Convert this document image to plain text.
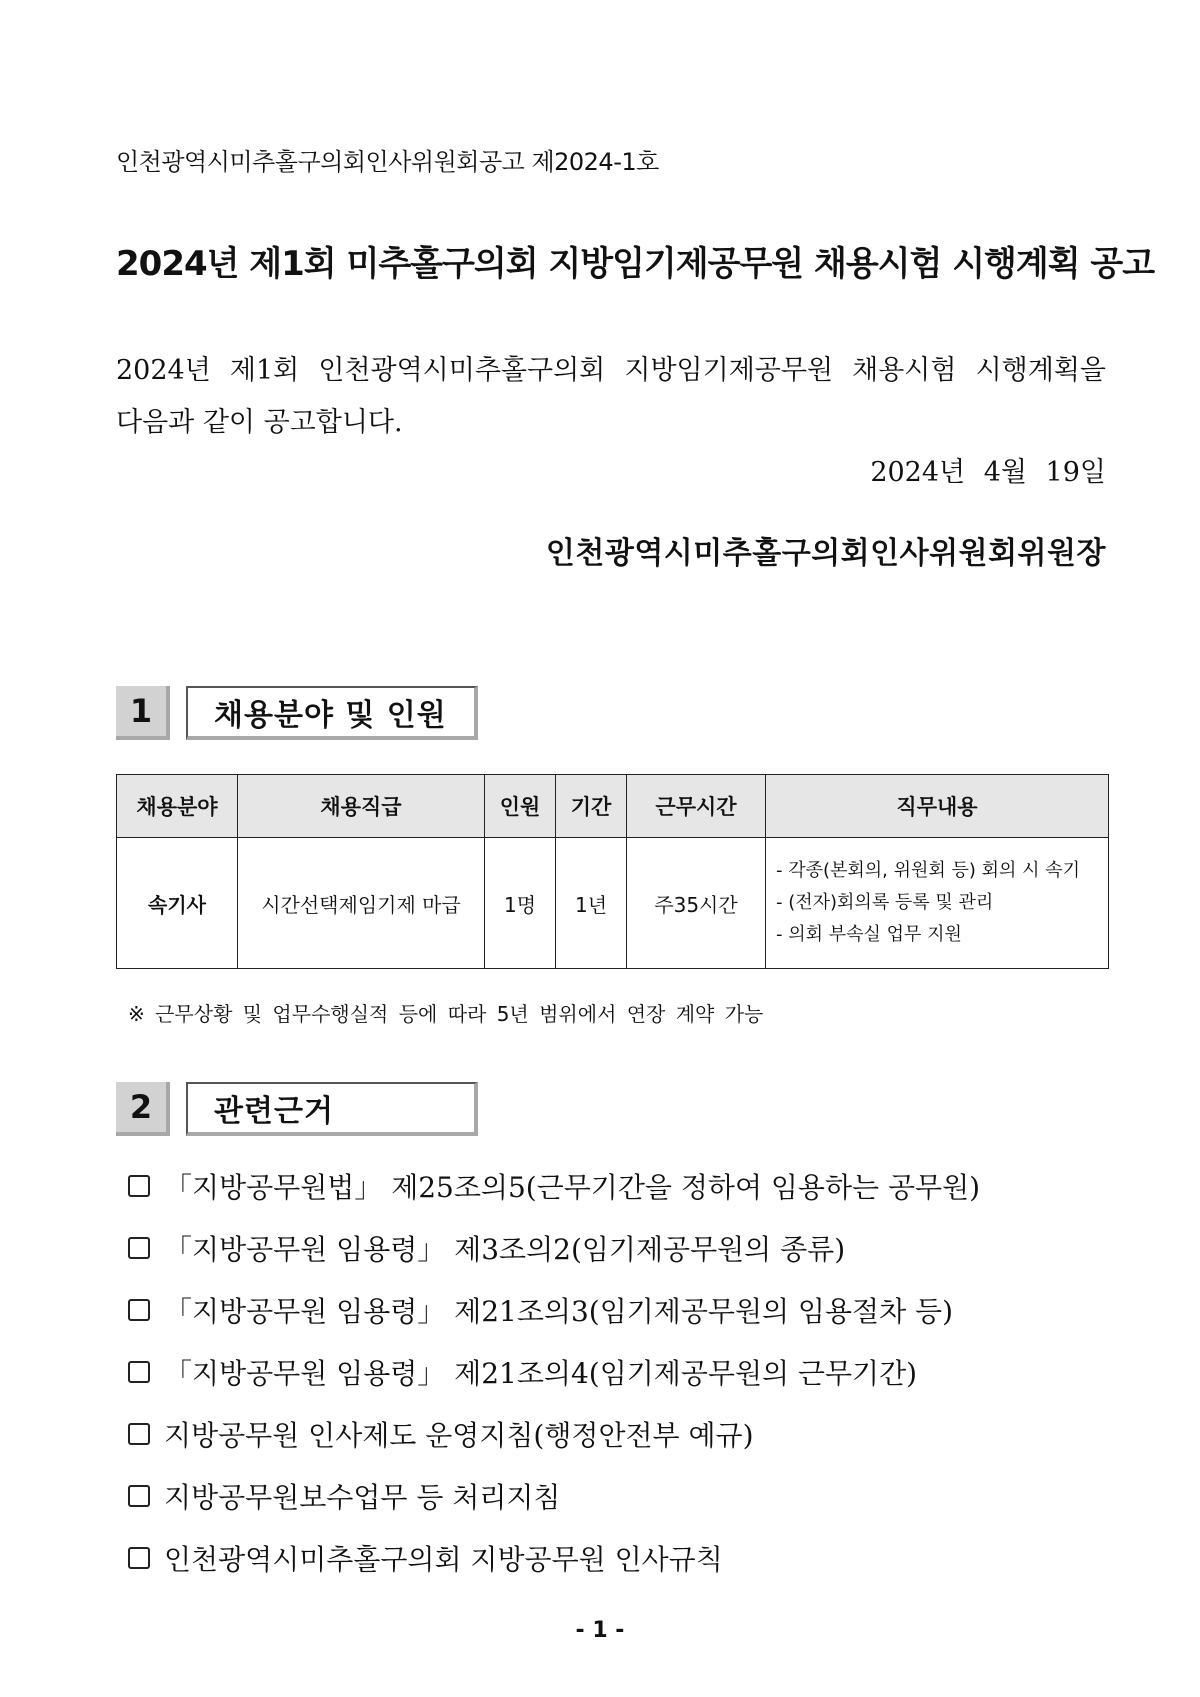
인천광역시미추홀구의회인사위원회공고 제2024-1호
2024년 제1회 미추홀구의회 지방임기제공무원 채용시험 시행계획 공고
2024년 제1회 인천광역시미추홀구의회 지방임기제공무원 채용시험 시행계획을
다음과 같이 공고합니다.
2024년 4월 19일
인천광역시미추홀구의회인사위원회위원장
1	채용분야 및 인원
채용분야	채용직급	인원	기간	근무시간	직무내용
속기사	시간선택제임기제 마급	1명	1년	주35시간	- 각종(본회의, 위원회 등) 회의 시 속기
- (전자)회의록 등록 및 관리
- 의회 부속실 업무 지원
※ 근무상황 및 업무수행실적 등에 따라 5년 범위에서 연장 계약 가능
2	관련근거
「지방공무원법」 제25조의5(근무기간을 정하여 임용하는 공무원)
「지방공무원 임용령」 제3조의2(임기제공무원의 종류)
「지방공무원 임용령」 제21조의3(임기제공무원의 임용절차 등)
「지방공무원 임용령」 제21조의4(임기제공무원의 근무기간)
지방공무원 인사제도 운영지침(행정안전부 예규)
지방공무원보수업무 등 처리지침
인천광역시미추홀구의회 지방공무원 인사규칙
- 1 -
